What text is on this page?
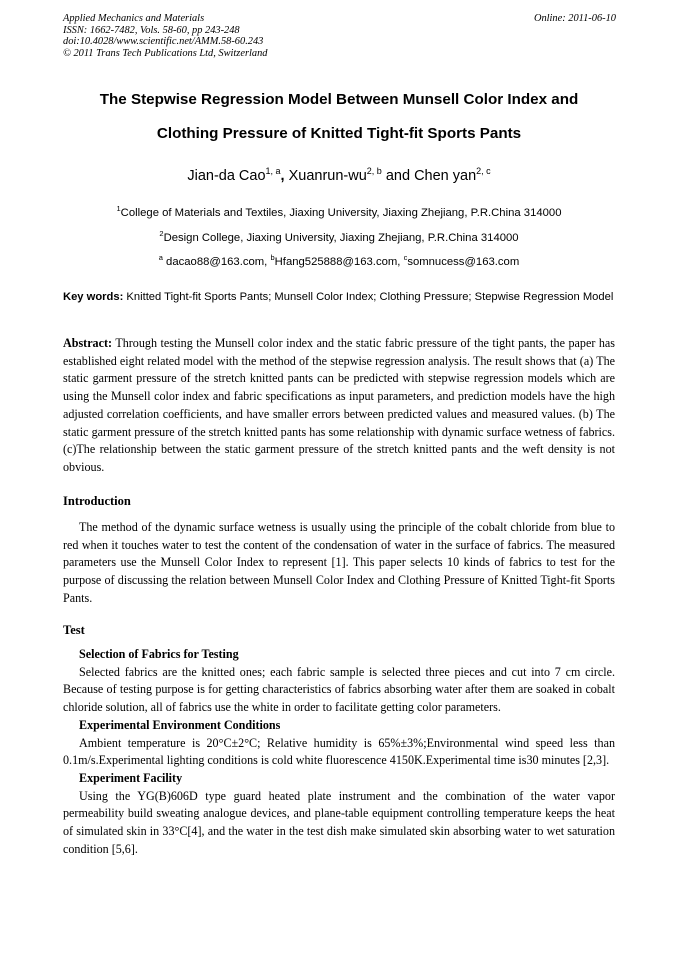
Applied Mechanics and Materials
ISSN: 1662-7482, Vols. 58-60, pp 243-248
doi:10.4028/www.scientific.net/AMM.58-60.243
© 2011 Trans Tech Publications Ltd, Switzerland
Online: 2011-06-10
The Stepwise Regression Model Between Munsell Color Index and
Clothing Pressure of Knitted Tight-fit Sports Pants
Jian-da Cao$^{1, a}$, Xuanrun-wu$^{2, b}$ and Chen yan$^{2, c}$
$^1$College of Materials and Textiles, Jiaxing University, Jiaxing Zhejiang, P.R.China 314000
$^2$Design College, Jiaxing University, Jiaxing Zhejiang, P.R.China 314000
$^a$ dacao88@163.com, $^b$Hfang525888@163.com, $^c$somnucess@163.com
Key words: Knitted Tight-fit Sports Pants; Munsell Color Index; Clothing Pressure; Stepwise Regression Model
Abstract: Through testing the Munsell color index and the static fabric pressure of the tight pants, the paper has established eight related model with the method of the stepwise regression analysis. The result shows that (a) The static garment pressure of the stretch knitted pants can be predicted with stepwise regression models which are using the Munsell color index and fabric specifications as input parameters, and prediction models have the high adjusted correlation coefficients, and have smaller errors between predicted values and measured values. (b) The static garment pressure of the stretch knitted pants has some relationship with dynamic surface wetness of fabrics. (c)The relationship between the static garment pressure of the stretch knitted pants and the weft density is not obvious.
Introduction
The method of the dynamic surface wetness is usually using the principle of the cobalt chloride from blue to red when it touches water to test the content of the condensation of water in the surface of fabrics. The measured parameters use the Munsell Color Index to represent [1]. This paper selects 10 kinds of fabrics to test for the purpose of discussing the relation between Munsell Color Index and Clothing Pressure of Knitted Tight-fit Sports Pants.
Test
Selection of Fabrics for Testing
Selected fabrics are the knitted ones; each fabric sample is selected three pieces and cut into 7 cm circle. Because of testing purpose is for getting characteristics of fabrics absorbing water after them are soaked in cobalt chloride solution, all of fabrics use the white in order to facilitate getting color parameters.
Experimental Environment Conditions
Ambient temperature is 20°C±2°C; Relative humidity is 65%±3%;Environmental wind speed less than 0.1m/s.Experimental lighting conditions is cold white fluorescence 4150K.Experimental time is30 minutes [2,3].
Experiment Facility
Using the YG(B)606D type guard heated plate instrument and the combination of the water vapor permeability build sweating analogue devices, and plane-table equipment controlling temperature keeps the heat of simulated skin in 33°C[4], and the water in the test dish make simulated skin absorbing water to wet saturation condition [5,6].
